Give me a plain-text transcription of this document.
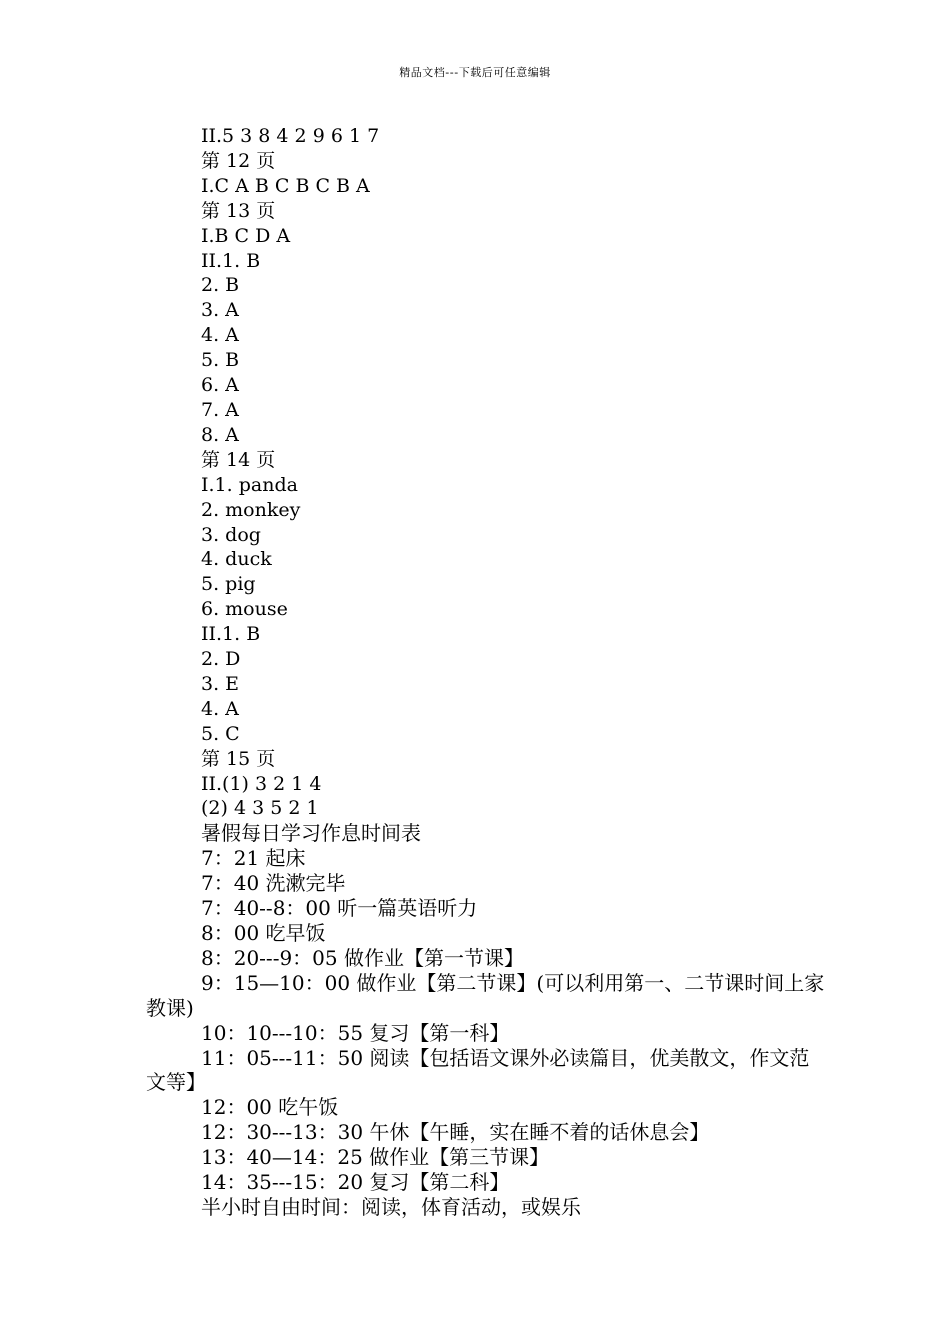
精品文档---下载后可任意编辑
II.5 3 8 4 2 9 6 1 7
第 12 页
I.C A B C B C B A
第 13 页
I.B C D A
II.1. B
2. B
3. A
4. A
5. B
6. A
7. A
8. A
第 14 页
I.1. panda
2. monkey
3. dog
4. duck
5. pig
6. mouse
II.1. B
2. D
3. E
4. A
5. C
第 15 页
II.(1) 3 2 1 4
(2) 4 3 5 2 1
暑假每日学习作息时间表
7：21 起床
7：40 洗漱完毕
7：40--8：00 听一篇英语听力
8：00 吃早饭
8：20---9：05 做作业【第一节课】
9：15—10：00 做作业【第二节课】(可以利用第一、二节课时间上家教课)
10：10---10：55 复习【第一科】
11：05---11：50 阅读【包括语文课外必读篇目，优美散文，作文范文等】
12：00 吃午饭
12：30---13：30 午休【午睡，实在睡不着的话休息会】
13：40—14：25 做作业【第三节课】
14：35---15：20 复习【第二科】
半小时自由时间：阅读，体育活动，或娱乐
